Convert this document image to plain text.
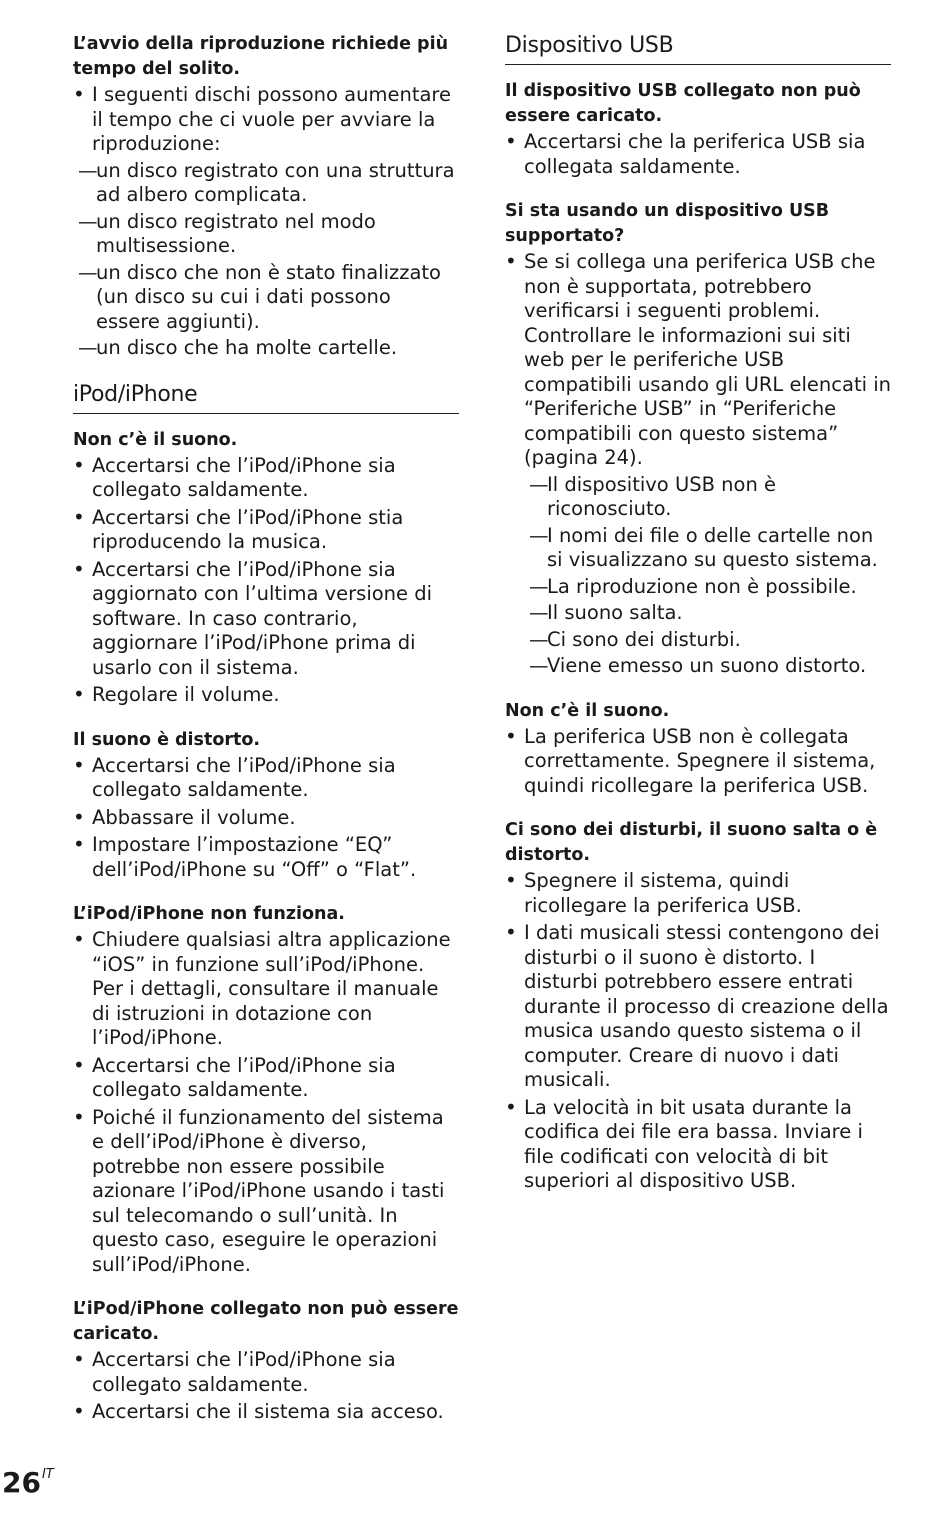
L’avvio della riproduzione richiede più tempo del solito.
• I seguenti dischi possono aumentare il tempo che ci vuole per avviare la riproduzione:
—
un disco registrato con una struttura ad albero complicata.
—
un disco registrato nel modo multisessione.
—
un disco che non è stato finalizzato (un disco su cui i dati possono essere aggiunti).
—
un disco che ha molte cartelle.
iPod/iPhone
Non c’è il suono.
• Accertarsi che l’iPod/iPhone sia collegato saldamente.
• Accertarsi che l’iPod/iPhone stia riproducendo la musica.
• Accertarsi che l’iPod/iPhone sia aggiornato con l’ultima versione di software. In caso contrario, aggiornare l’iPod/iPhone prima di usarlo con il sistema.
• Regolare il volume.
Il suono è distorto.
• Accertarsi che l’iPod/iPhone sia collegato saldamente.
• Abbassare il volume.
• Impostare l’impostazione “EQ” dell’iPod/iPhone su “Off” o “Flat”.
L’iPod/iPhone non funziona.
• Chiudere qualsiasi altra applicazione “iOS” in funzione sull’iPod/iPhone. Per i dettagli, consultare il manuale di istruzioni in dotazione con l’iPod/iPhone.
• Accertarsi che l’iPod/iPhone sia collegato saldamente.
• Poiché il funzionamento del sistema e dell’iPod/iPhone è diverso, potrebbe non essere possibile azionare l’iPod/iPhone usando i tasti sul telecomando o sull’unità. In questo caso, eseguire le operazioni sull’iPod/iPhone.
L’iPod/iPhone collegato non può essere caricato.
• Accertarsi che l’iPod/iPhone sia collegato saldamente.
• Accertarsi che il sistema sia acceso.
Dispositivo USB
Il dispositivo USB collegato non può essere caricato.
• Accertarsi che la periferica USB sia collegata saldamente.
Si sta usando un dispositivo USB supportato?
• Se si collega una periferica USB che non è supportata, potrebbero verificarsi i seguenti problemi. Controllare le informazioni sui siti web per le periferiche USB compatibili usando gli URL elencati in “Periferiche USB” in “Periferiche compatibili con questo sistema” (pagina 24).
—
Il dispositivo USB non è riconosciuto.
—
I nomi dei file o delle cartelle non si visualizzano su questo sistema.
—
La riproduzione non è possibile.
—
Il suono salta.
—
Ci sono dei disturbi.
—
Viene emesso un suono distorto.
Non c’è il suono.
• La periferica USB non è collegata correttamente. Spegnere il sistema, quindi ricollegare la periferica USB.
Ci sono dei disturbi, il suono salta o è distorto.
• Spegnere il sistema, quindi ricollegare la periferica USB.
• I dati musicali stessi contengono dei disturbi o il suono è distorto. I disturbi potrebbero essere entrati durante il processo di creazione della musica usando questo sistema o il computer. Creare di nuovo i dati musicali.
• La velocità in bit usata durante la codifica dei file era bassa. Inviare i file codificati con velocità di bit superiori al dispositivo USB.
$26^{IT}$
